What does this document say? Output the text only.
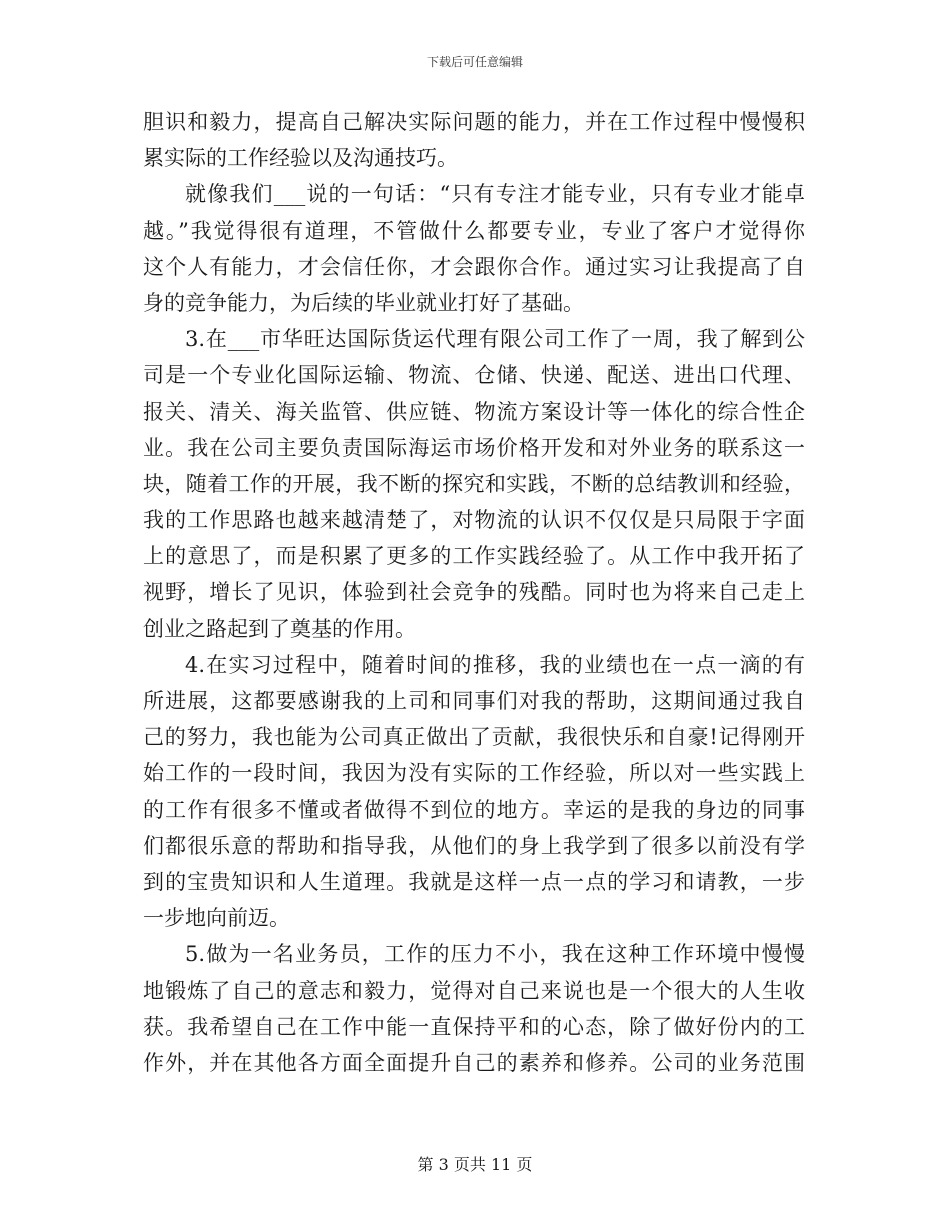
下载后可任意编辑
胆识和毅力，提高自己解决实际问题的能力，并在工作过程中慢慢积
累实际的工作经验以及沟通技巧。
就像我们___说的一句话：“只有专注才能专业，只有专业才能卓
越。”我觉得很有道理，不管做什么都要专业，专业了客户才觉得你
这个人有能力，才会信任你，才会跟你合作。通过实习让我提高了自
身的竞争能力，为后续的毕业就业打好了基础。
3.在___市华旺达国际货运代理有限公司工作了一周，我了解到公
司是一个专业化国际运输、物流、仓储、快递、配送、进出口代理、
报关、清关、海关监管、供应链、物流方案设计等一体化的综合性企
业。我在公司主要负责国际海运市场价格开发和对外业务的联系这一
块，随着工作的开展，我不断的探究和实践，不断的总结教训和经验，
我的工作思路也越来越清楚了，对物流的认识不仅仅是只局限于字面
上的意思了，而是积累了更多的工作实践经验了。从工作中我开拓了
视野，增长了见识，体验到社会竞争的残酷。同时也为将来自己走上
创业之路起到了奠基的作用。
4.在实习过程中，随着时间的推移，我的业绩也在一点一滴的有
所进展，这都要感谢我的上司和同事们对我的帮助，这期间通过我自
己的努力，我也能为公司真正做出了贡献，我很快乐和自豪!记得刚开
始工作的一段时间，我因为没有实际的工作经验，所以对一些实践上
的工作有很多不懂或者做得不到位的地方。幸运的是我的身边的同事
们都很乐意的帮助和指导我，从他们的身上我学到了很多以前没有学
到的宝贵知识和人生道理。我就是这样一点一点的学习和请教，一步
一步地向前迈。
5.做为一名业务员，工作的压力不小，我在这种工作环境中慢慢
地锻炼了自己的意志和毅力，觉得对自己来说也是一个很大的人生收
获。我希望自己在工作中能一直保持平和的心态，除了做好份内的工
作外，并在其他各方面全面提升自己的素养和修养。公司的业务范围
第 3 页共 11 页
